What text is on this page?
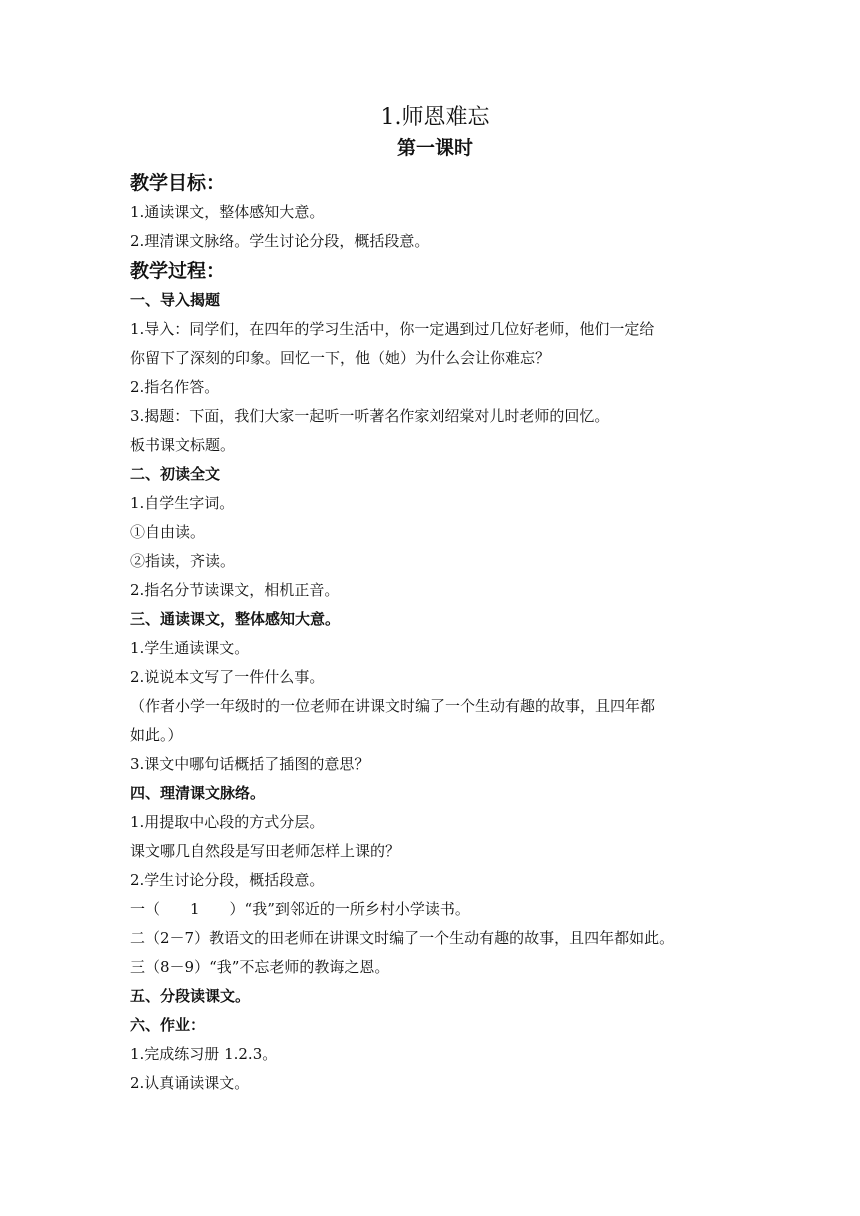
1.师恩难忘
第一课时
教学目标：
1.通读课文，整体感知大意。
2.理清课文脉络。学生讨论分段，概括段意。
教学过程：
一、导入揭题
1.导入：同学们，在四年的学习生活中，你一定遇到过几位好老师，他们一定给
你留下了深刻的印象。回忆一下，他（她）为什么会让你难忘？
2.指名作答。
3.揭题：下面，我们大家一起听一听著名作家刘绍棠对儿时老师的回忆。
板书课文标题。
二、初读全文
1.自学生字词。
①自由读。
②指读，齐读。
2.指名分节读课文，相机正音。
三、通读课文，整体感知大意。
1.学生通读课文。
2.说说本文写了一件什么事。
（作者小学一年级时的一位老师在讲课文时编了一个生动有趣的故事，且四年都
如此。）
3.课文中哪句话概括了插图的意思？
四、理清课文脉络。
1.用提取中心段的方式分层。
课文哪几自然段是写田老师怎样上课的？
2.学生讨论分段，概括段意。
一（　　1　　）“我”到邻近的一所乡村小学读书。
二（2－7）教语文的田老师在讲课文时编了一个生动有趣的故事，且四年都如此。
三（8－9）“我”不忘老师的教诲之恩。
五、分段读课文。
六、作业：
1.完成练习册 1.2.3。
2.认真诵读课文。
